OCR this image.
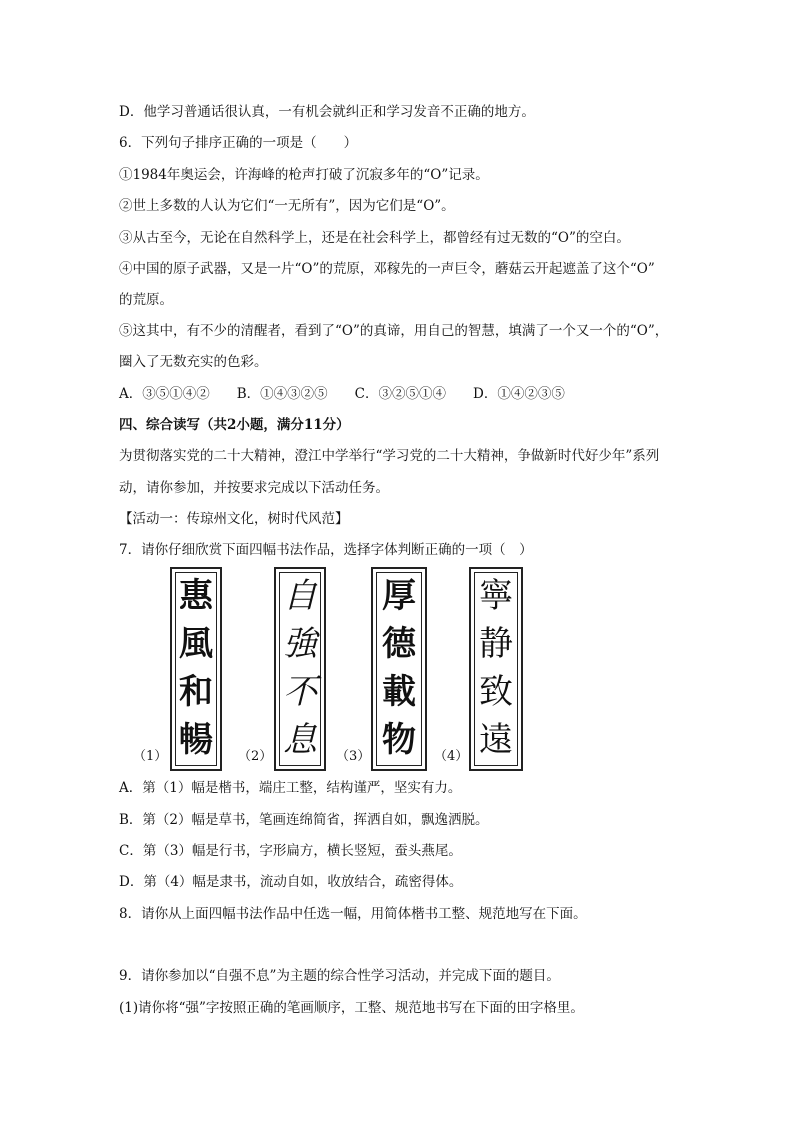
D．他学习普通话很认真，一有机会就纠正和学习发音不正确的地方。
6．下列句子排序正确的一项是（　　）
①1984年奥运会，许海峰的枪声打破了沉寂多年的“O”记录。
②世上多数的人认为它们“一无所有”，因为它们是“O”。
③从古至今，无论在自然科学上，还是在社会科学上，都曾经有过无数的“O”的空白。
④中国的原子武器，又是一片“O”的荒原，邓稼先的一声巨令，蘑菇云开起遮盖了这个“O”
的荒原。
⑤这其中，有不少的清醒者，看到了“O”的真谛，用自己的智慧，填满了一个又一个的“O”，
圈入了无数充实的色彩。
A．③⑤①④②　　B．①④③②⑤　　C．③②⑤①④　　D．①④②③⑤
四、综合读写（共2小题，满分11分）
为贯彻落实党的二十大精神，澄江中学举行“学习党的二十大精神，争做新时代好少年”系列
动，请你参加，并按要求完成以下活动任务。
【活动一：传琼州文化，树时代风范】
7．请你仔细欣赏下面四幅书法作品，选择字体判断正确的一项（　）
（1）
惠
風
和
暢	（2）
自
強
不
息	（3）
厚
德
載
物	（4）
寧
静
致
遠
A．第（1）幅是楷书，端庄工整，结构谨严，坚实有力。
B．第（2）幅是草书，笔画连绵简省，挥洒自如，飘逸洒脱。
C．第（3）幅是行书，字形扁方，横长竖短，蚕头燕尾。
D．第（4）幅是隶书，流动自如，收放结合，疏密得体。
8．请你从上面四幅书法作品中任选一幅，用简体楷书工整、规范地写在下面。
9．请你参加以“自强不息”为主题的综合性学习活动，并完成下面的题目。
(1)请你将“强”字按照正确的笔画顺序，工整、规范地书写在下面的田字格里。
